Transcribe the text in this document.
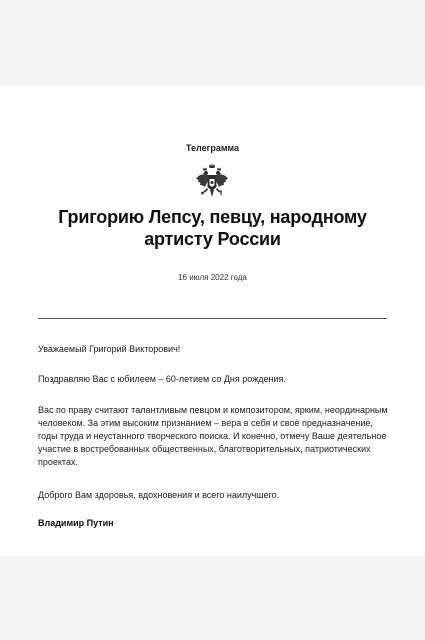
Телеграмма
Григорию Лепсу, певцу, народному артисту России
16 июля 2022 года

Уважаемый Григорий Викторович!

Поздравляю Вас с юбилеем – 60-летием со Дня рождения.

Вас по праву считают талантливым певцом и композитором, ярким, неординарным человеком. За этим высоким признанием – вера в себя и своё предназначение, годы труда и неустанного творческого поиска. И конечно, отмечу Ваше деятельное участие в востребованных общественных, благотворительных, патриотических проектах.

Доброго Вам здоровья, вдохновения и всего наилучшего.

Владимир Путин
